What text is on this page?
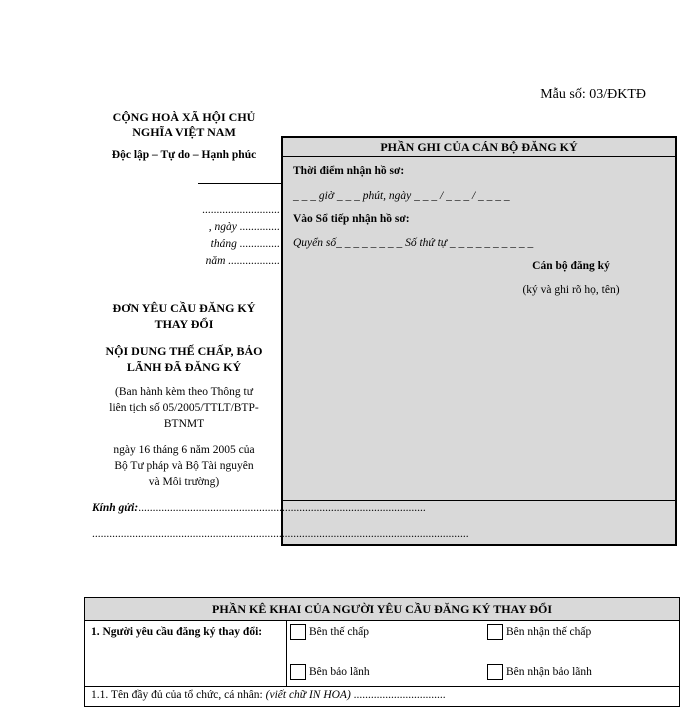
Mẫu số: 03/ĐKTĐ
CỘNG HOÀ XÃ HỘI CHỦ
NGHĨA VIỆT NAM
Độc lập – Tự do – Hạnh phúc
...........................
, ngày ..............
tháng ..............
năm ..................
ĐƠN YÊU CẦU ĐĂNG KÝ
THAY ĐỔI
NỘI DUNG THẾ CHẤP, BẢO
LÃNH ĐÃ ĐĂNG KÝ
(Ban hành kèm theo Thông tư
liên tịch số 05/2005/TTLT/BTP-
BTNMT
ngày 16 tháng 6 năm 2005 của
Bộ Tư pháp và Bộ Tài nguyên
và Môi trường)
PHẦN GHI CỦA CÁN BỘ ĐĂNG KÝ
Thời điểm nhận hồ sơ:
_ _ _ giờ _ _ _ phút, ngày _ _ _ / _ _ _ / _ _ _ _
Vào Sổ tiếp nhận hồ sơ:
Quyển số_ _ _ _ _ _ _ _ Số thứ tự _ _ _ _ _ _ _ _ _ _
Cán bộ đăng ký
(ký và ghi rõ họ, tên)
Kính gửi:....................................................................................................
...................................................................................................................................
PHẦN KÊ KHAI CỦA NGƯỜI YÊU CẦU ĐĂNG KÝ THAY ĐỔI
1. Người yêu cầu đăng ký thay đổi:	Bên thế chấp	Bên nhận thế chấp
Bên bảo lãnh	Bên nhận bảo lãnh
1.1. Tên đầy đủ của tổ chức, cá nhân: (viết chữ IN HOA) ................................
